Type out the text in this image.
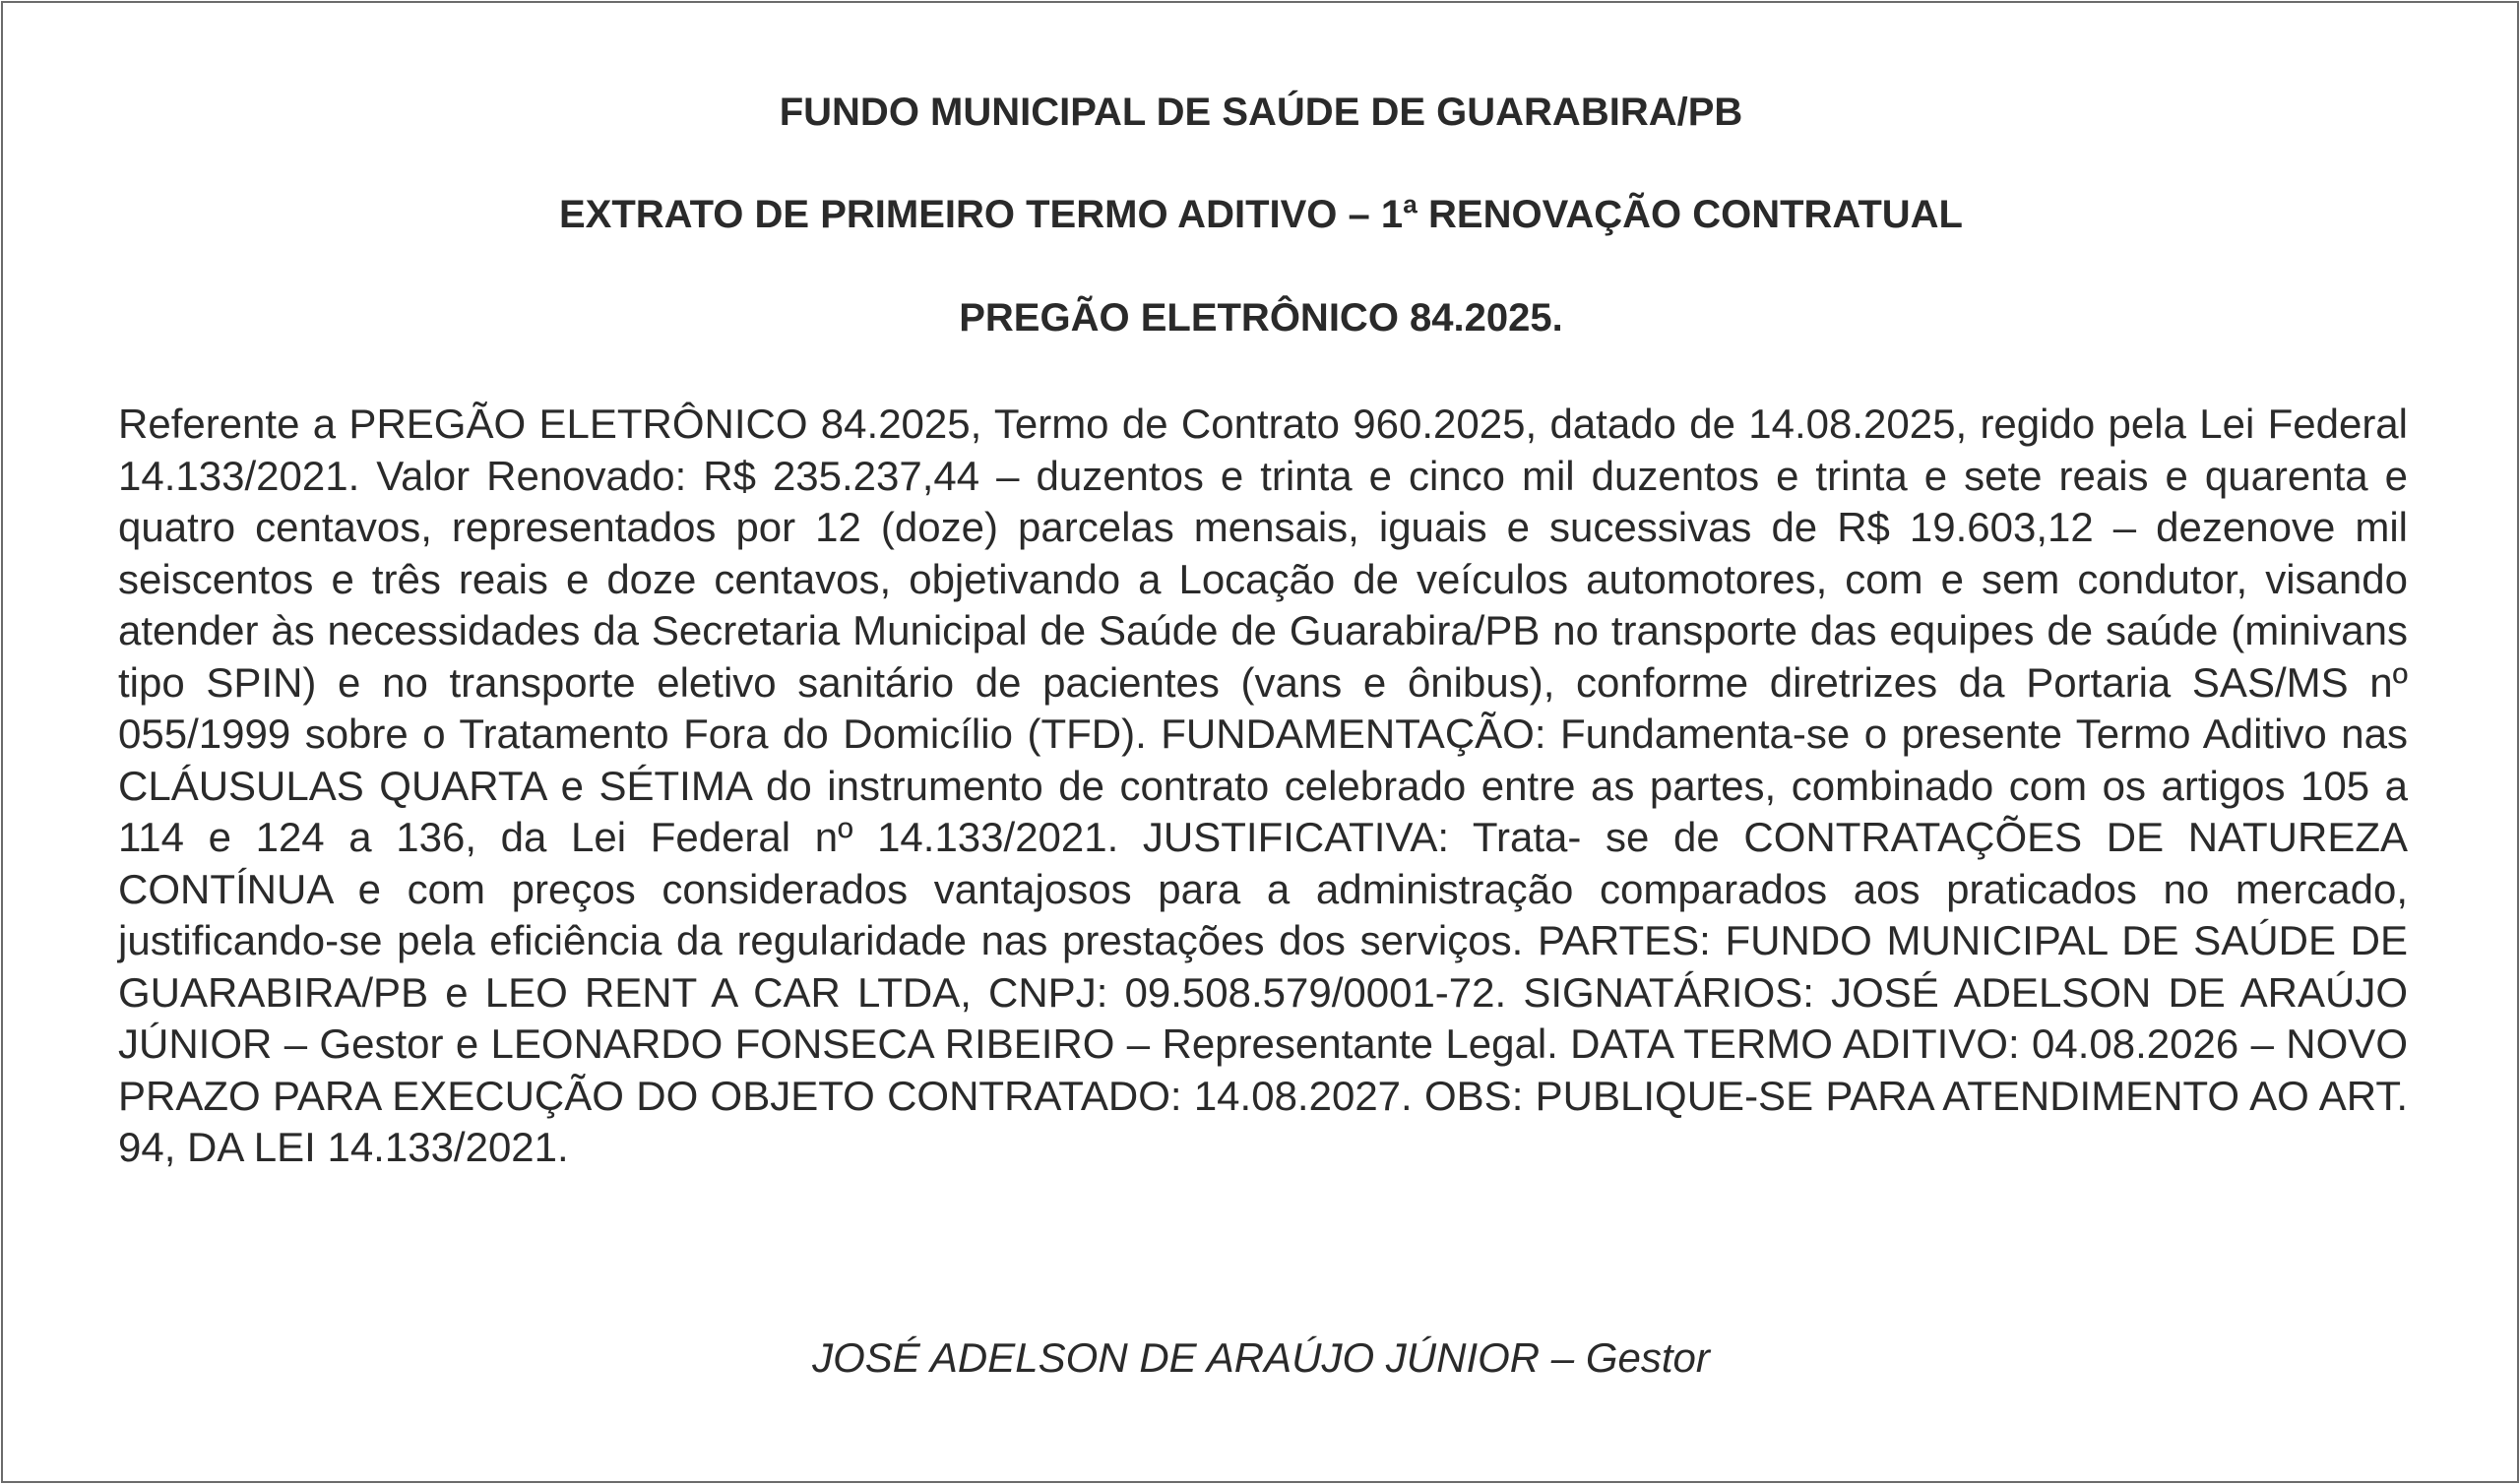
FUNDO MUNICIPAL DE SAÚDE DE GUARABIRA/PB
EXTRATO DE PRIMEIRO TERMO ADITIVO – 1ª RENOVAÇÃO CONTRATUAL
PREGÃO ELETRÔNICO 84.2025.

Referente a PREGÃO ELETRÔNICO 84.2025, Termo de Contrato 960.2025, datado de 14.08.2025, regido pela Lei Federal 14.133/2021. Valor Renovado: R$ 235.237,44 – duzentos e trinta e cinco mil duzentos e trinta e sete reais e quarenta e quatro centavos, representados por 12 (doze) parcelas mensais, iguais e sucessivas de R$ 19.603,12 – dezenove mil seiscentos e três reais e doze centavos, objetivando a Locação de veículos automotores, com e sem condutor, visando atender às necessidades da Secretaria Municipal de Saúde de Guarabira/PB no transporte das equipes de saúde (minivans tipo SPIN) e no transporte eletivo sanitário de pacientes (vans e ônibus), conforme diretrizes da Portaria SAS/MS nº 055/1999 sobre o Tratamento Fora do Domicílio (TFD). FUNDAMENTAÇÃO: Fundamenta-se o presente Termo Aditivo nas CLÁUSULAS QUARTA e SÉTIMA do instrumento de contrato celebrado entre as partes, combinado com os artigos 105 a 114 e 124 a 136, da Lei Federal nº 14.133/2021. JUSTIFICATIVA: Trata- se de CONTRATAÇÕES DE NATUREZA CONTÍNUA e com preços considerados vantajosos para a administração comparados aos praticados no mercado, justificando-se pela eficiência da regularidade nas prestações dos serviços. PARTES: FUNDO MUNICIPAL DE SAÚDE DE GUARABIRA/PB e LEO RENT A CAR LTDA, CNPJ: 09.508.579/0001-72. SIGNATÁRIOS: JOSÉ ADELSON DE ARAÚJO JÚNIOR – Gestor e LEONARDO FONSECA RIBEIRO – Representante Legal. DATA TERMO ADITIVO: 04.08.2026 – NOVO PRAZO PARA EXECUÇÃO DO OBJETO CONTRATADO: 14.08.2027. OBS: PUBLIQUE-SE PARA ATENDIMENTO AO ART. 94, DA LEI 14.133/2021.

JOSÉ ADELSON DE ARAÚJO JÚNIOR – Gestor
